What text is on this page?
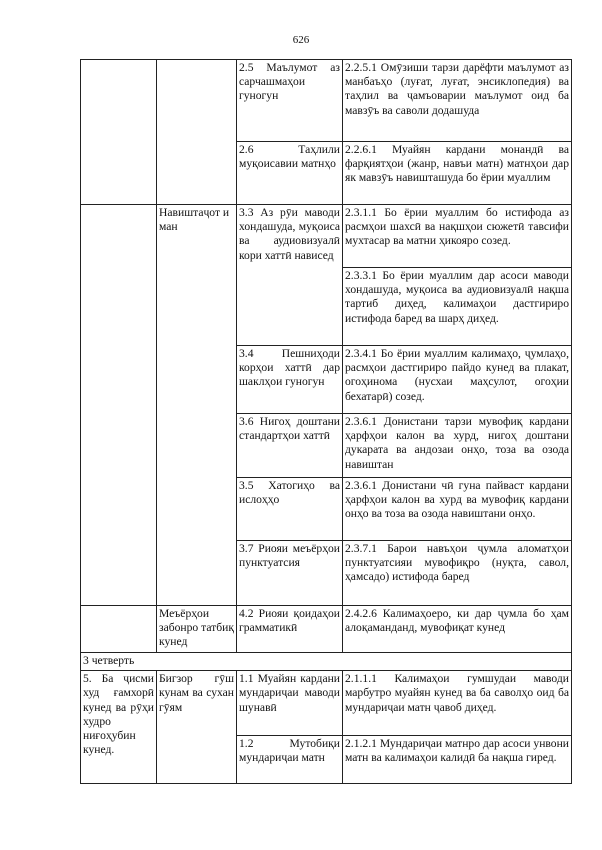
626
		2.5 Маълумот аз сарчашмаҳои гуногун	2.2.5.1 Омӯзиши тарзи дарёфти маълумот аз манбаъҳо (луғат, луғат, энсиклопедия) ва таҳлил ва ҷамъоварии маълумот оид ба мавзӯъ ва саволи додашуда
		2.6 Таҳлили муқоисавии матнҳо	2.2.6.1 Муайян кардани монандӣ ва фарқиятҳои (жанр, навъи матн) матнҳои дар як мавзӯъ навишташуда бо ёрии муаллим
	Навиштаҷот и ман	3.3 Аз рӯи маводи хондашуда, муқоиса ва аудиовизуалӣ кори хаттӣ нависед	2.3.1.1 Бо ёрии муаллим бо истифода аз расмҳои шахсӣ ва нақшҳои сюжетӣ тавсифи мухтасар ва матни ҳикояро созед.
			2.3.3.1 Бо ёрии муаллим дар асоси маводи хондашуда, муқоиса ва аудиовизуалӣ нақша тартиб диҳед, калимаҳои дастгириро истифода баред ва шарҳ диҳед.
		3.4 Пешниҳоди корҳои хаттӣ дар шаклҳои гуногун	2.3.4.1 Бо ёрии муаллим калимаҳо, ҷумлаҳо, расмҳои дастгириро пайдо кунед ва плакат, огоҳинома (нусхаи маҳсулот, огоҳии бехатарӣ) созед.
		3.6 Нигоҳ доштани стандартҳои хаттӣ	2.3.6.1 Донистани тарзи мувофиқ кардани ҳарфҳои калон ва хурд, нигоҳ доштани дукарата ва андозаи онҳо, тоза ва озода навиштан
		3.5 Хатогиҳо ва ислоҳҳо	2.3.6.1 Донистани чӣ гуна пайваст кардани ҳарфҳои калон ва хурд ва мувофиқ кардани онҳо ва тоза ва озода навиштани онҳо.
		3.7 Риояи меъёрҳои пунктуатсия	2.3.7.1 Барои навъҳои ҷумла аломатҳои пунктуатсияи мувофиқро (нуқта, савол, ҳамсадо) истифода баред
	Меъёрҳои забонро татбиқ кунед	4.2 Риояи қоидаҳои грамматикӣ	2.4.2.6 Калимаҳоеро, ки дар ҷумла бо ҳам алоқаманданд, мувофиқат кунед
3 четверть			
5. Ба ҷисми худ ғамхорӣ кунед ва рӯҳи худро ниғоҳубин кунед.	Бигзор гӯш кунам ва сухан гӯям	1.1 Муайян кардани мундариҷаи маводи шунавӣ	2.1.1.1 Калимаҳои гумшудаи маводи марбутро муайян кунед ва ба саволҳо оид ба мундариҷаи матн ҷавоб диҳед.
		1.2 Мутобиқи мундариҷаи матн	2.1.2.1 Мундариҷаи матнро дар асоси унвони матн ва калимаҳои калидӣ ба нақша гиред.
